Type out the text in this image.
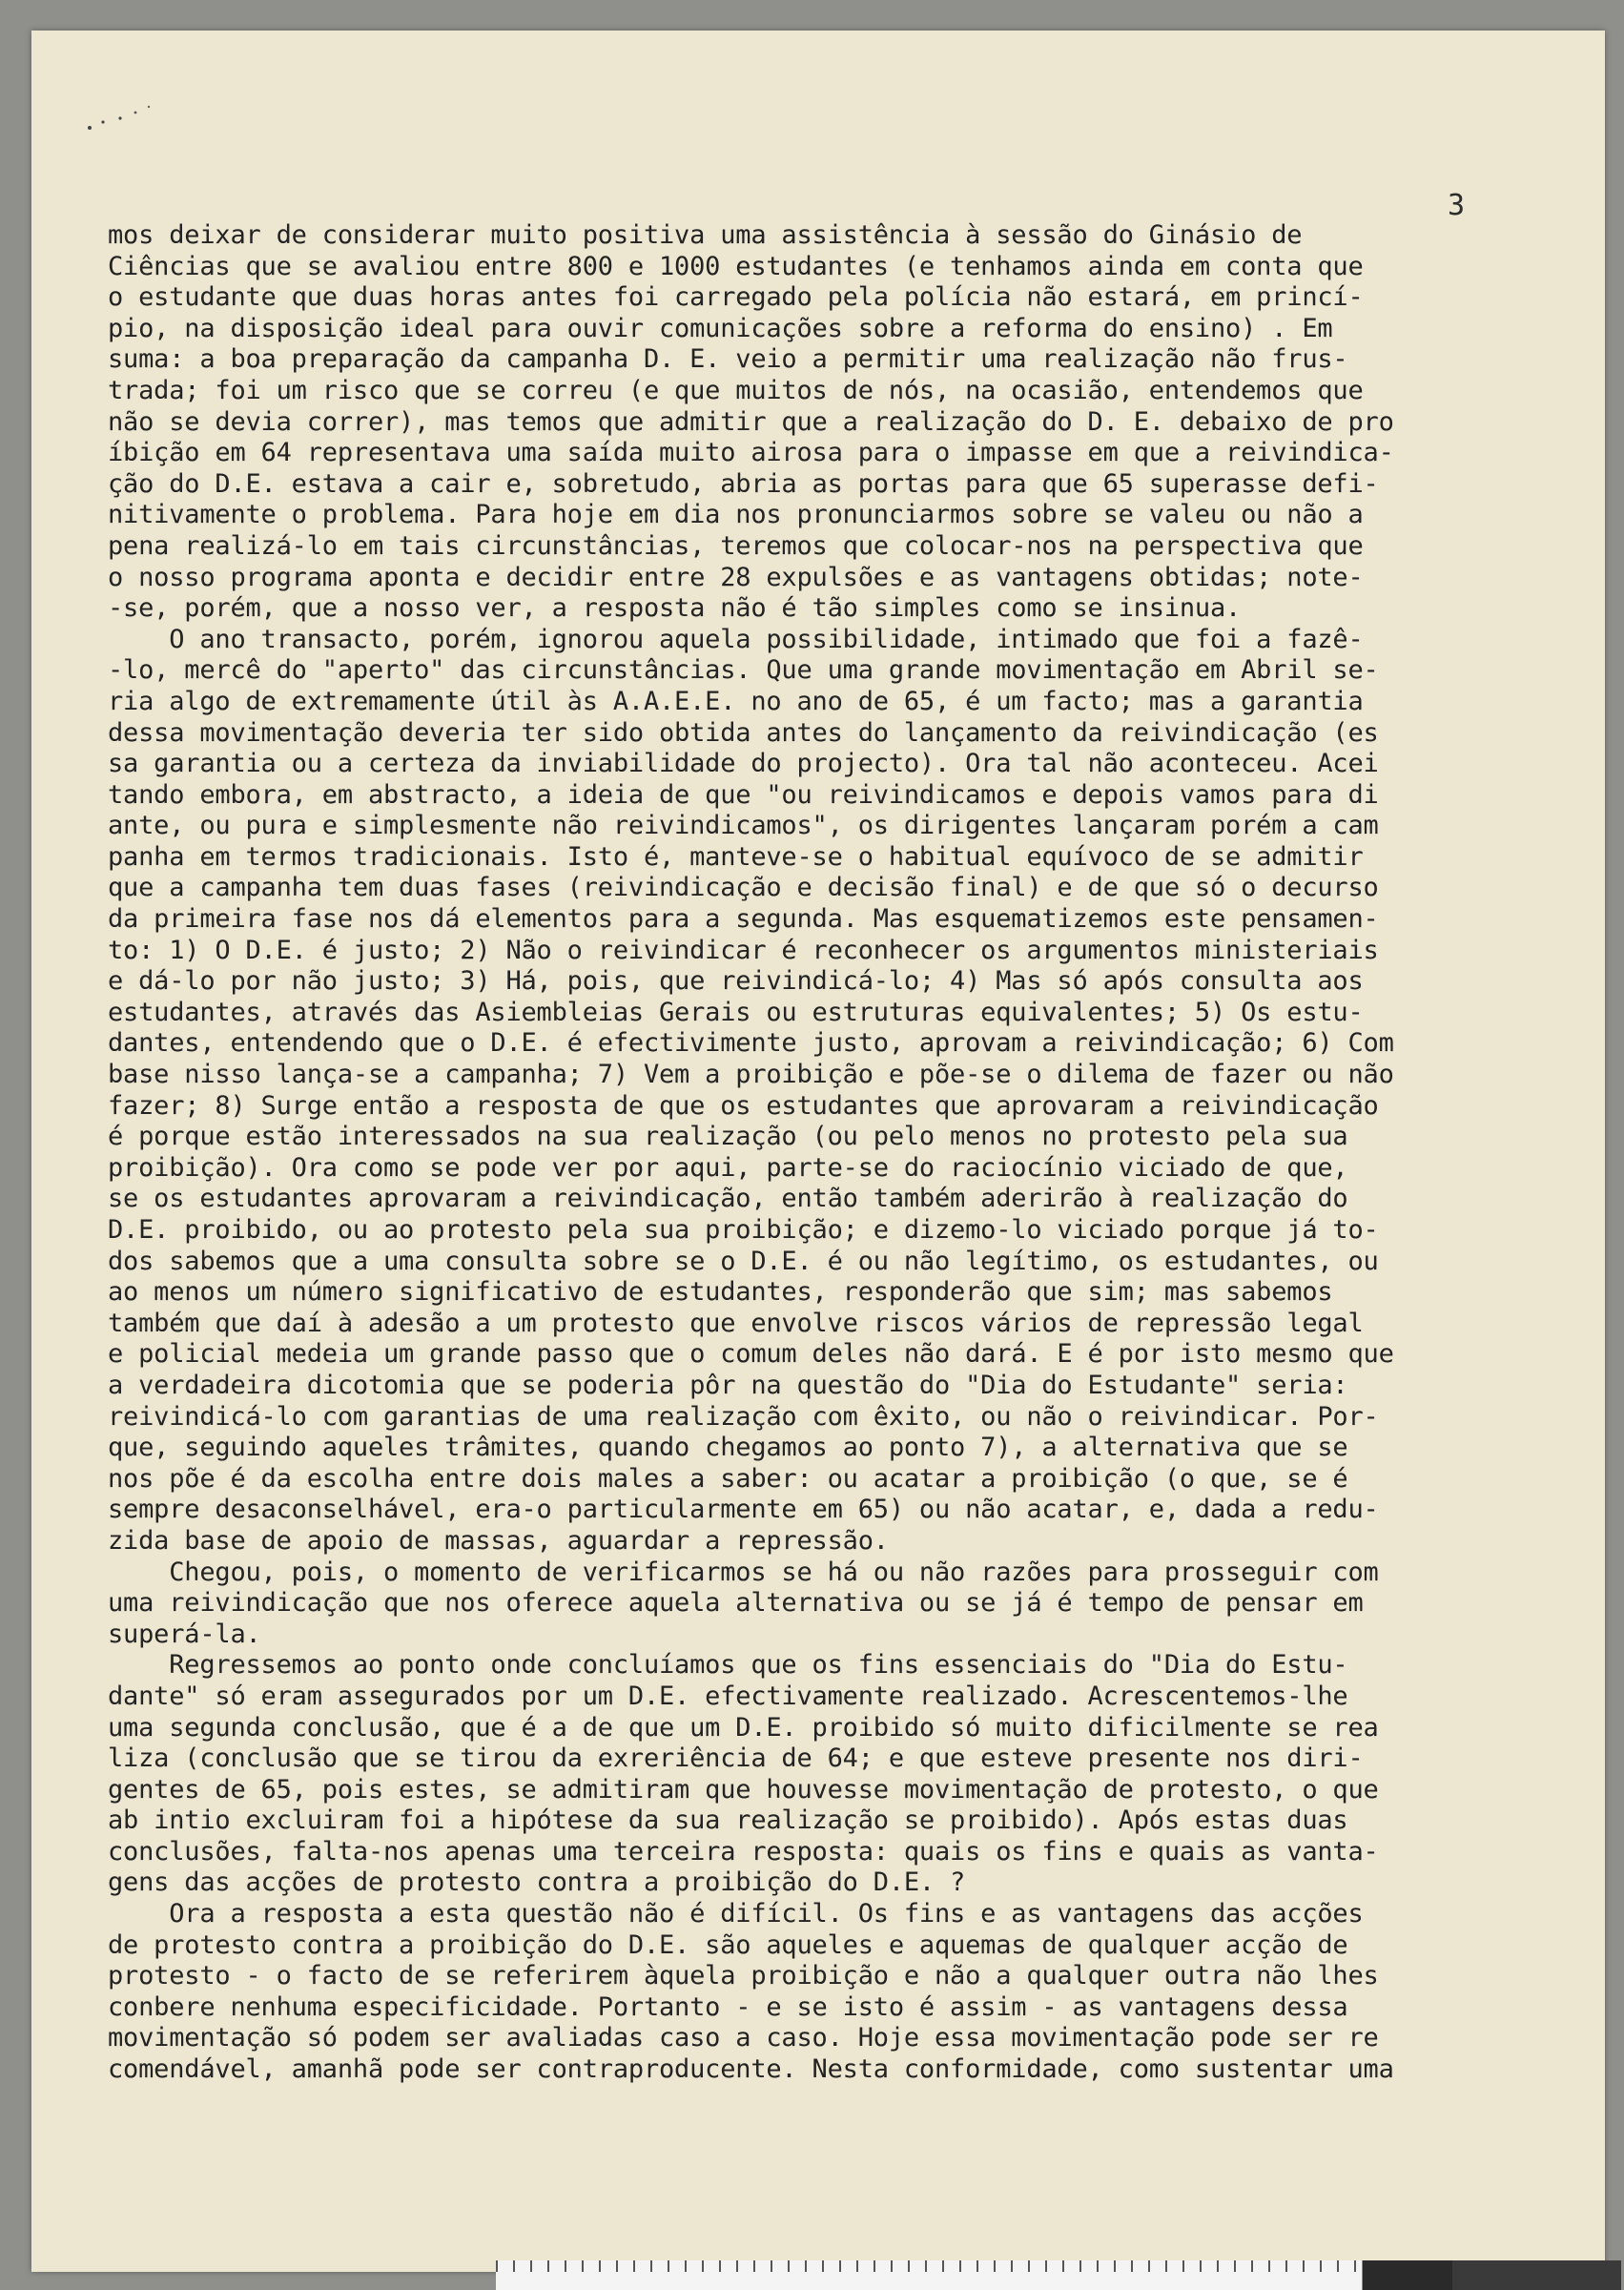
3
mos deixar de considerar muito positiva uma assistência à sessão do Ginásio de
Ciências que se avaliou entre 800 e 1000 estudantes (e tenhamos ainda em conta que
o estudante que duas horas antes foi carregado pela polícia não estará, em princí-
pio, na disposição ideal para ouvir comunicações sobre a reforma do ensino) . Em
suma: a boa preparação da campanha D. E. veio a permitir uma realização não frus-
trada; foi um risco que se correu (e que muitos de nós, na ocasião, entendemos que
não se devia correr), mas temos que admitir que a realização do D. E. debaixo de pro
íbição em 64 representava uma saída muito airosa para o impasse em que a reivindica-
ção do D.E. estava a cair e, sobretudo, abria as portas para que 65 superasse defi-
nitivamente o problema. Para hoje em dia nos pronunciarmos sobre se valeu ou não a
pena realizá-lo em tais circunstâncias, teremos que colocar-nos na perspectiva que
o nosso programa aponta e decidir entre 28 expulsões e as vantagens obtidas; note-
-se, porém, que a nosso ver, a resposta não é tão simples como se insinua.
O ano transacto, porém, ignorou aquela possibilidade, intimado que foi a fazê-
-lo, mercê do "aperto" das circunstâncias. Que uma grande movimentação em Abril se-
ria algo de extremamente útil às A.A.E.E. no ano de 65, é um facto; mas a garantia
dessa movimentação deveria ter sido obtida antes do lançamento da reivindicação (es
sa garantia ou a certeza da inviabilidade do projecto). Ora tal não aconteceu. Acei
tando embora, em abstracto, a ideia de que "ou reivindicamos e depois vamos para di
ante, ou pura e simplesmente não reivindicamos", os dirigentes lançaram porém a cam
panha em termos tradicionais. Isto é, manteve-se o habitual equívoco de se admitir
que a campanha tem duas fases (reivindicação e decisão final) e de que só o decurso
da primeira fase nos dá elementos para a segunda. Mas esquematizemos este pensamen-
to: 1) O D.E. é justo; 2) Não o reivindicar é reconhecer os argumentos ministeriais
e dá-lo por não justo; 3) Há, pois, que reivindicá-lo; 4) Mas só após consulta aos
estudantes, através das Asiembleias Gerais ou estruturas equivalentes; 5) Os estu-
dantes, entendendo que o D.E. é efectivimente justo, aprovam a reivindicação; 6) Com
base nisso lança-se a campanha; 7) Vem a proibição e põe-se o dilema de fazer ou não
fazer; 8) Surge então a resposta de que os estudantes que aprovaram a reivindicação
é porque estão interessados na sua realização (ou pelo menos no protesto pela sua
proibição). Ora como se pode ver por aqui, parte-se do raciocínio viciado de que,
se os estudantes aprovaram a reivindicação, então também aderirão à realização do
D.E. proibido, ou ao protesto pela sua proibição; e dizemo-lo viciado porque já to-
dos sabemos que a uma consulta sobre se o D.E. é ou não legítimo, os estudantes, ou
ao menos um número significativo de estudantes, responderão que sim; mas sabemos
também que daí à adesão a um protesto que envolve riscos vários de repressão legal
e policial medeia um grande passo que o comum deles não dará. E é por isto mesmo que
a verdadeira dicotomia que se poderia pôr na questão do "Dia do Estudante" seria:
reivindicá-lo com garantias de uma realização com êxito, ou não o reivindicar. Por-
que, seguindo aqueles trâmites, quando chegamos ao ponto 7), a alternativa que se
nos põe é da escolha entre dois males a saber: ou acatar a proibição (o que, se é
sempre desaconselhável, era-o particularmente em 65) ou não acatar, e, dada a redu-
zida base de apoio de massas, aguardar a repressão.
Chegou, pois, o momento de verificarmos se há ou não razões para prosseguir com
uma reivindicação que nos oferece aquela alternativa ou se já é tempo de pensar em
superá-la.
Regressemos ao ponto onde concluíamos que os fins essenciais do "Dia do Estu-
dante" só eram assegurados por um D.E. efectivamente realizado. Acrescentemos-lhe
uma segunda conclusão, que é a de que um D.E. proibido só muito dificilmente se rea
liza (conclusão que se tirou da exreriência de 64; e que esteve presente nos diri-
gentes de 65, pois estes, se admitiram que houvesse movimentação de protesto, o que
ab intio excluiram foi a hipótese da sua realização se proibido). Após estas duas
conclusões, falta-nos apenas uma terceira resposta: quais os fins e quais as vanta-
gens das acções de protesto contra a proibição do D.E. ?
Ora a resposta a esta questão não é difícil. Os fins e as vantagens das acções
de protesto contra a proibição do D.E. são aqueles e aquemas de qualquer acção de
protesto - o facto de se referirem àquela proibição e não a qualquer outra não lhes
conbere nenhuma especificidade. Portanto - e se isto é assim - as vantagens dessa
movimentação só podem ser avaliadas caso a caso. Hoje essa movimentação pode ser re
comendável, amanhã pode ser contraproducente. Nesta conformidade, como sustentar uma
